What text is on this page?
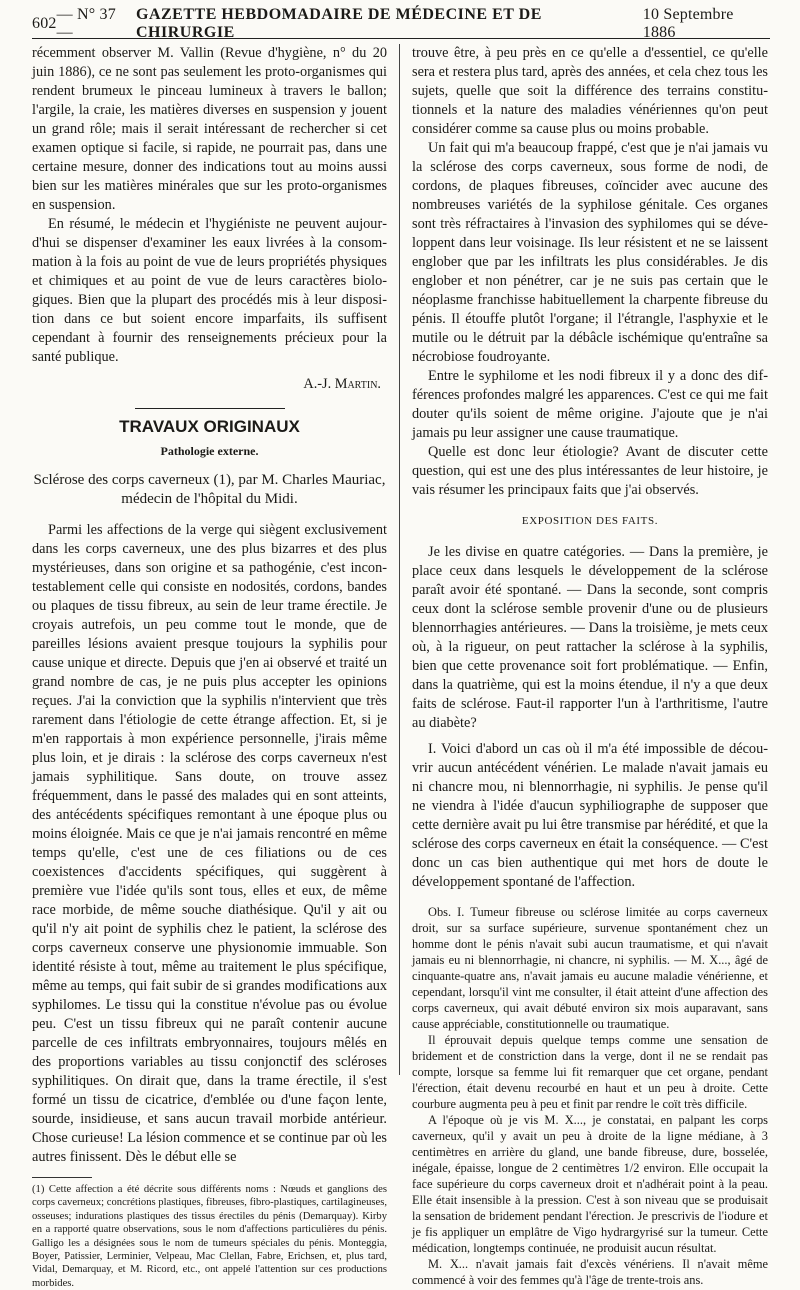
602
— N° 37 —
GAZETTE HEBDOMADAIRE DE MÉDECINE ET DE CHIRURGIE
10 Septembre 1886

récemment observer M. Vallin (Revue d'hygiène, n° du 20 juin 1886), ce ne sont pas seulement les proto-organismes qui rendent brumeux le pinceau lumineux à travers le ballon; l'argile, la craie, les matières diverses en suspension y jouent un grand rôle; mais il serait intéressant de rechercher si cet examen optique si facile, si rapide, ne pourrait pas, dans une certaine mesure, donner des indications tout au moins aussi bien sur les matières minérales que sur les proto-organismes en suspension.

En résumé, le médecin et l'hygiéniste ne peuvent aujourd'hui se dispenser d'examiner les eaux livrées à la consommation à la fois au point de vue de leurs propriétés physiques et chimiques et au point de vue de leurs caractères biologiques. Bien que la plupart des procédés mis à leur disposition dans ce but soient encore imparfaits, ils suffisent cependant à fournir des renseignements précieux pour la santé publique.

A.-J. Martin.
TRAVAUX ORIGINAUX
Pathologie externe.
Sclérose des corps caverneux (1), par M. Charles Mauriac, médecin de l'hôpital du Midi.

Parmi les affections de la verge qui siègent exclusivement dans les corps caverneux, une des plus bizarres et des plus mystérieuses, dans son origine et sa pathogénie, c'est incontestablement celle qui consiste en nodosités, cordons, bandes ou plaques de tissu fibreux, au sein de leur trame érectile. Je croyais autrefois, un peu comme tout le monde, que de pareilles lésions avaient presque toujours la syphilis pour cause unique et directe. Depuis que j'en ai observé et traité un grand nombre de cas, je ne puis plus accepter les opinions reçues. J'ai la conviction que la syphilis n'intervient que très rarement dans l'étiologie de cette étrange affection. Et, si je m'en rapportais à mon expérience personnelle, j'irais même plus loin, et je dirais : la sclérose des corps caverneux n'est jamais syphilitique. Sans doute, on trouve assez fréquemment, dans le passé des malades qui en sont atteints, des antécédents spécifiques remontant à une époque plus ou moins éloignée. Mais ce que je n'ai jamais rencontré en même temps qu'elle, c'est une de ces filiations ou de ces coexistences d'accidents spécifiques, qui suggèrent à première vue l'idée qu'ils sont tous, elles et eux, de même race morbide, de même souche diathésique. Qu'il y ait ou qu'il n'y ait point de syphilis chez le patient, la sclérose des corps caverneux conserve une physionomie immuable. Son identité résiste à tout, même au traitement le plus spécifique, même au temps, qui fait subir de si grandes modifications aux syphilomes. Le tissu qui la constitue n'évolue pas ou évolue peu. C'est un tissu fibreux qui ne paraît contenir aucune parcelle de ces infiltrats embryonnaires, toujours mêlés en des proportions variables au tissu conjonctif des scléroses syphilitiques. On dirait que, dans la trame érectile, il s'est formé un tissu de cicatrice, d'emblée ou d'une façon lente, sourde, insidieuse, et sans aucun travail morbide antérieur. Chose curieuse! La lésion commence et se continue par où les autres finissent. Dès le début elle se

(1) Cette affection a été décrite sous différents noms : Nœuds et ganglions des corps caverneux; concrétions plastiques, fibreuses, fibro-plastiques, cartilagineuses, osseuses; indurations plastiques des tissus érectiles du pénis (Demarquay). Kirby en a rapporté quatre observations, sous le nom d'affections particulières du pénis. Galligo les a désignées sous le nom de tumeurs spéciales du pénis. Monteggia, Boyer, Patissier, Lerminier, Velpeau, Mac Clellan, Fabre, Erichsen, et, plus tard, Vidal, Demarquay, et M. Ricord, etc., ont appelé l'attention sur ces productions morbides.

trouve être, à peu près en ce qu'elle a d'essentiel, ce qu'elle sera et restera plus tard, après des années, et cela chez tous les sujets, quelle que soit la différence des terrains constitutionnels et la nature des maladies vénériennes qu'on peut considérer comme sa cause plus ou moins probable.

Un fait qui m'a beaucoup frappé, c'est que je n'ai jamais vu la sclérose des corps caverneux, sous forme de nodi, de cordons, de plaques fibreuses, coïncider avec aucune des nombreuses variétés de la syphilose génitale. Ces organes sont très réfractaires à l'invasion des syphilomes qui se développent dans leur voisinage. Ils leur résistent et ne se laissent englober que par les infiltrats les plus considérables. Je dis englober et non pénétrer, car je ne suis pas certain que le néoplasme franchisse habituellement la charpente fibreuse du pénis. Il étouffe plutôt l'organe; il l'étrangle, l'asphyxie et le mutile ou le détruit par la débâcle ischémique qu'entraîne sa nécrobiose foudroyante.

Entre le syphilome et les nodi fibreux il y a donc des différences profondes malgré les apparences. C'est ce qui me fait douter qu'ils soient de même origine. J'ajoute que je n'ai jamais pu leur assigner une cause traumatique.

Quelle est donc leur étiologie? Avant de discuter cette question, qui est une des plus intéressantes de leur histoire, je vais résumer les principaux faits que j'ai observés.

EXPOSITION DES FAITS.

Je les divise en quatre catégories. — Dans la première, je place ceux dans lesquels le développement de la sclérose paraît avoir été spontané. — Dans la seconde, sont compris ceux dont la sclérose semble provenir d'une ou de plusieurs blennorrhagies antérieures. — Dans la troisième, je mets ceux où, à la rigueur, on peut rattacher la sclérose à la syphilis, bien que cette provenance soit fort problématique. — Enfin, dans la quatrième, qui est la moins étendue, il n'y a que deux faits de sclérose. Faut-il rapporter l'un à l'arthritisme, l'autre au diabète?

I. Voici d'abord un cas où il m'a été impossible de découvrir aucun antécédent vénérien. Le malade n'avait jamais eu ni chancre mou, ni blennorrhagie, ni syphilis. Je pense qu'il ne viendra à l'idée d'aucun syphiliographe de supposer que cette dernière avait pu lui être transmise par hérédité, et que la sclérose des corps caverneux en était la conséquence. — C'est donc un cas bien authentique qui met hors de doute le développement spontané de l'affection.

Obs. I. Tumeur fibreuse ou sclérose limitée au corps caverneux droit, sur sa surface supérieure, survenue spontanément chez un homme dont le pénis n'avait subi aucun traumatisme, et qui n'avait jamais eu ni blennorrhagie, ni chancre, ni syphilis. — M. X..., âgé de cinquante-quatre ans, n'avait jamais eu aucune maladie vénérienne, et cependant, lorsqu'il vint me consulter, il était atteint d'une affection des corps caverneux, qui avait débuté environ six mois auparavant, sans cause appréciable, constitutionnelle ou traumatique.

Il éprouvait depuis quelque temps comme une sensation de bridement et de constriction dans la verge, dont il ne se rendait pas compte, lorsque sa femme lui fit remarquer que cet organe, pendant l'érection, était devenu recourbé en haut et un peu à droite. Cette courbure augmenta peu à peu et finit par rendre le coït très difficile.

A l'époque où je vis M. X..., je constatai, en palpant les corps caverneux, qu'il y avait un peu à droite de la ligne médiane, à 3 centimètres en arrière du gland, une bande fibreuse, dure, bosselée, inégale, épaisse, longue de 2 centimètres 1/2 environ. Elle occupait la face supérieure du corps caverneux droit et n'adhérait point à la peau. Elle était insensible à la pression. C'est à son niveau que se produisait la sensation de bridement pendant l'érection. Je prescrivis de l'iodure et je fis appliquer un emplâtre de Vigo hydrargyrisé sur la tumeur. Cette médication, longtemps continuée, ne produisit aucun résultat.

M. X... n'avait jamais fait d'excès vénériens. Il n'avait même commencé à voir des femmes qu'à l'âge de trente-trois ans.
